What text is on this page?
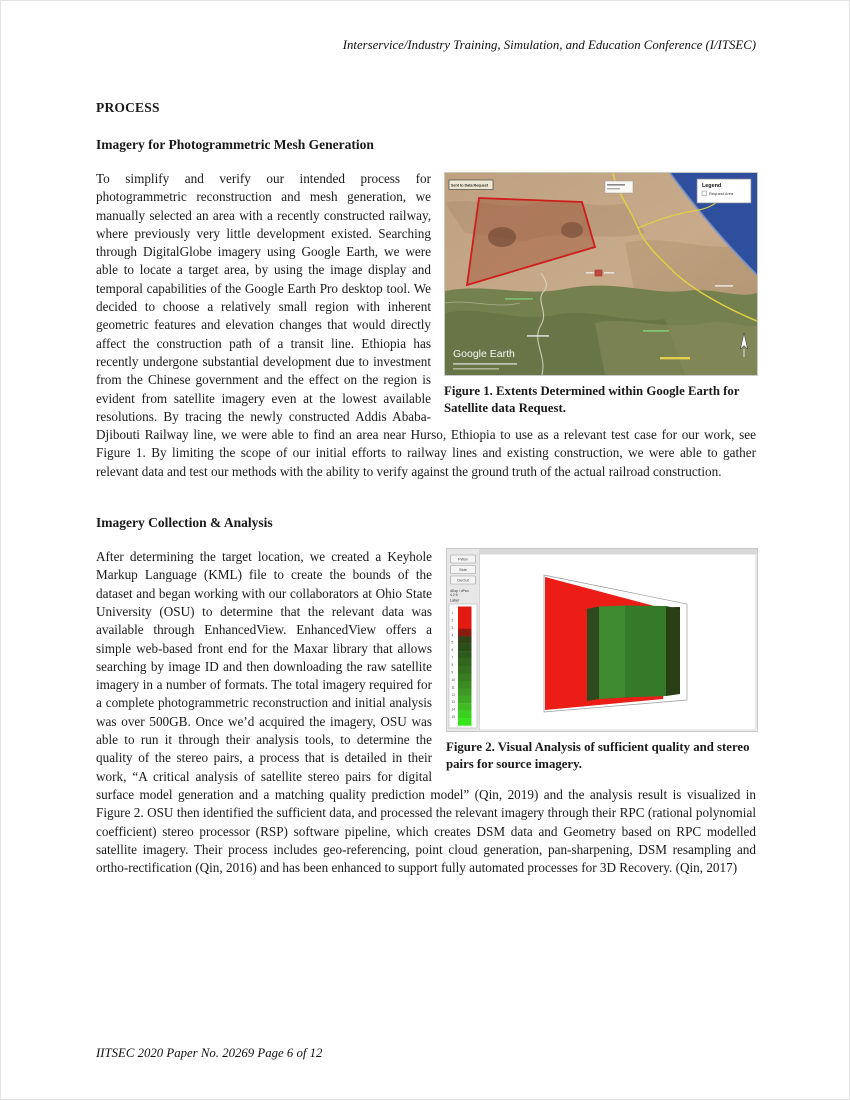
Interservice/Industry Training, Simulation, and Education Conference (I/ITSEC)
PROCESS
Imagery for Photogrammetric Mesh Generation
Sent to Data Request	Legend
Request Area
Google Earth
Figure 1. Extents Determined within Google Earth for Satellite data Request.

To simplify and verify our intended process for photogrammetric reconstruction and mesh generation, we manually selected an area with a recently constructed railway, where previously very little development existed. Searching through DigitalGlobe imagery using Google Earth, we were able to locate a target area, by using the image display and temporal capabilities of the Google Earth Pro desktop tool. We decided to choose a relatively small region with inherent geometric features and elevation changes that would directly affect the construction path of a transit line. Ethiopia has recently undergone substantial development due to investment from the Chinese government and the effect on the region is evident from satellite imagery even at the lowest available resolutions. By tracing the newly constructed Addis Ababa-Djibouti Railway line, we were able to find an area near Hurso, Ethiopia to use as a relevant test case for our work, see Figure 1. By limiting the scope of our initial efforts to railway lines and existing construction, we were able to gather relevant data and test our methods with the ability to verify against the ground truth of the actual railroad construction.

Imagery Collection & Analysis
FWsv
Side
DeOut
dDsp / dPan
4.2 ft
Label
1
2
3
4
5
6
7
8
9
10
11
12
13
14
15
Figure 2. Visual Analysis of sufficient quality and stereo pairs for source imagery.

After determining the target location, we created a Keyhole Markup Language (KML) file to create the bounds of the dataset and began working with our collaborators at Ohio State University (OSU) to determine that the relevant data was available through EnhancedView. EnhancedView offers a simple web-based front end for the Maxar library that allows searching by image ID and then downloading the raw satellite imagery in a number of formats. The total imagery required for a complete photogrammetric reconstruction and initial analysis was over 500GB. Once we’d acquired the imagery, OSU was able to run it through their analysis tools, to determine the quality of the stereo pairs, a process that is detailed in their work, “A critical analysis of satellite stereo pairs for digital surface model generation and a matching quality prediction model” (Qin, 2019) and the analysis result is visualized in Figure 2. OSU then identified the sufficient data, and processed the relevant imagery through their RPC (rational polynomial coefficient) stereo processor (RSP) software pipeline, which creates DSM data and Geometry based on RPC modelled satellite imagery. Their process includes geo-referencing, point cloud generation, pan-sharpening, DSM resampling and ortho-rectification (Qin, 2016) and has been enhanced to support fully automated processes for 3D Recovery. (Qin, 2017)

IITSEC 2020 Paper No. 20269 Page 6 of 12
